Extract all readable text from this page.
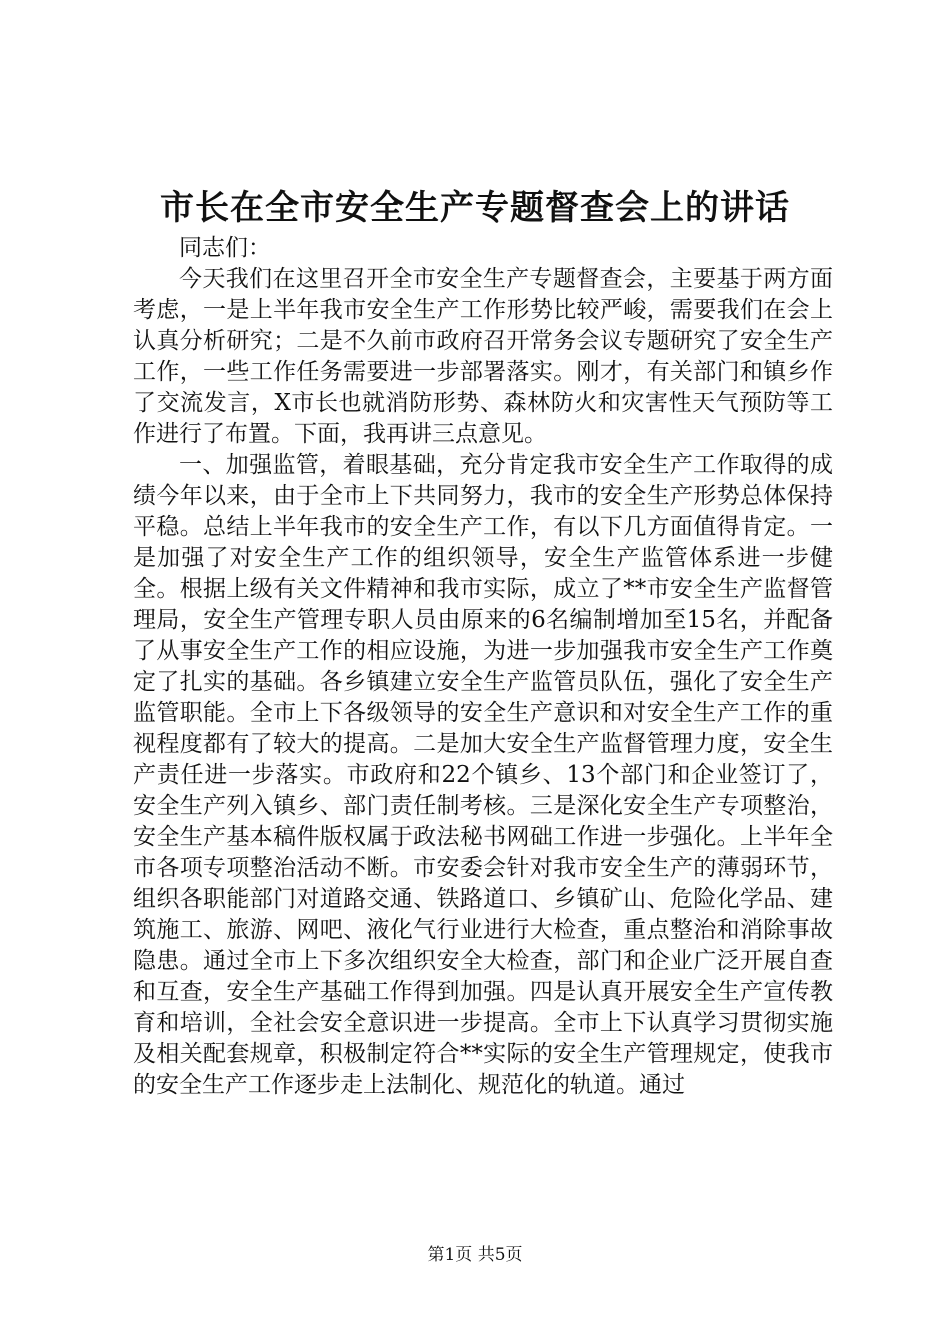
市长在全市安全生产专题督查会上的讲话

同志们：

今天我们在这里召开全市安全生产专题督查会，主要基于两方面考虑，一是上半年我市安全生产工作形势比较严峻，需要我们在会上认真分析研究；二是不久前市政府召开常务会议专题研究了安全生产工作，一些工作任务需要进一步部署落实。刚才，有关部门和镇乡作了交流发言，X市长也就消防形势、森林防火和灾害性天气预防等工作进行了布置。下面，我再讲三点意见。

一、加强监管，着眼基础，充分肯定我市安全生产工作取得的成绩今年以来，由于全市上下共同努力，我市的安全生产形势总体保持平稳。总结上半年我市的安全生产工作，有以下几方面值得肯定。一是加强了对安全生产工作的组织领导，安全生产监管体系进一步健全。根据上级有关文件精神和我市实际，成立了**市安全生产监督管理局，安全生产管理专职人员由原来的6名编制增加至15名，并配备了从事安全生产工作的相应设施，为进一步加强我市安全生产工作奠定了扎实的基础。各乡镇建立安全生产监管员队伍，强化了安全生产监管职能。全市上下各级领导的安全生产意识和对安全生产工作的重视程度都有了较大的提高。二是加大安全生产监督管理力度，安全生产责任进一步落实。市政府和22个镇乡、13个部门和企业签订了，安全生产列入镇乡、部门责任制考核。三是深化安全生产专项整治，安全生产基本稿件版权属于政法秘书网础工作进一步强化。上半年全市各项专项整治活动不断。市安委会针对我市安全生产的薄弱环节，组织各职能部门对道路交通、铁路道口、乡镇矿山、危险化学品、建筑施工、旅游、网吧、液化气行业进行大检查，重点整治和消除事故隐患。通过全市上下多次组织安全大检查，部门和企业广泛开展自查和互查，安全生产基础工作得到加强。四是认真开展安全生产宣传教育和培训，全社会安全意识进一步提高。全市上下认真学习贯彻实施及相关配套规章，积极制定符合**实际的安全生产管理规定，使我市的安全生产工作逐步走上法制化、规范化的轨道。通过

第1页 共5页
